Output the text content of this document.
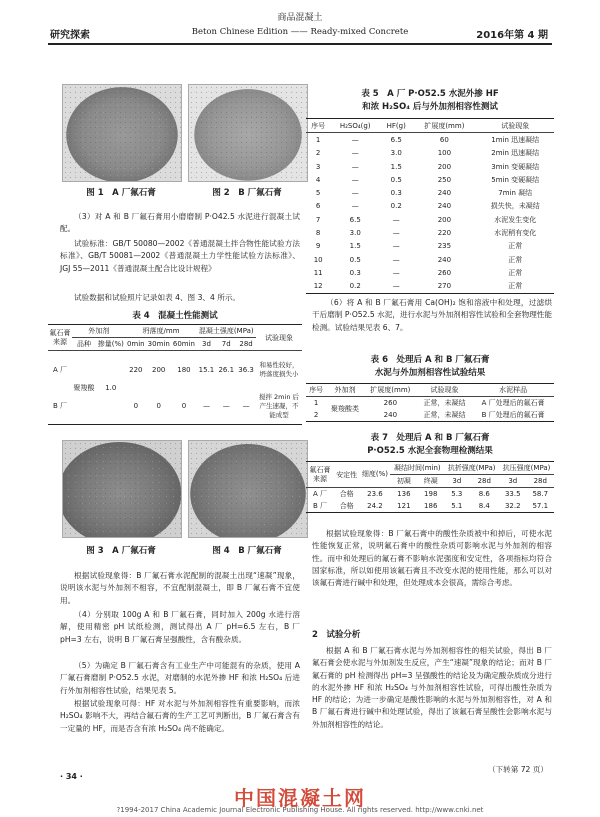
商品混凝土
研究探索	Beton Chinese Edition —— Ready-mixed Concrete	2016年第 4 期
图 1　A 厂氟石膏	图 2　B 厂氟石膏
（3）对 A 和 B 厂氟石膏用小磨磨制 P·O42.5 水泥进行混凝土试配。
试验标准：GB/T 50080—2002《普通混凝土拌合物性能试验方法标准》、GB/T 50081—2002《普通混凝土力学性能试验方法标准》、JGJ 55—2011《普通混凝土配合比设计规程》
试验数据和试验照片记录如表 4、图 3、4 所示。
表 4　混凝土性能测试
氟石膏来源	外加剂		坍落度/mm			混凝土强度(MPa)			试验现象
	品种	掺量(%)	0min	30min	60min	3d	7d	28d	
A 厂	聚羧酸	1.0	220	200	180	15.1	26.1	36.3	和易性较好，坍落度损失小
B 厂			0	0	0	—	—	—	搅拌 2min 后产生速凝，不能成型
图 3　A 厂氟石膏	图 4　B 厂氟石膏
根据试验现象得：B 厂氟石膏水泥配制的混凝土出现“速凝”现象，说明该水泥与外加剂不相容，不宜配制混凝土，即 B 厂氟石膏不宜使用。
（4）分别取 100g A 和 B 厂氟石膏，同时加入 200g 水进行溶解，使用精密 pH 试纸检测，测试得出 A 厂 pH=6.5 左右，B 厂 pH=3 左右，说明 B 厂氟石膏呈强酸性，含有酸杂质。
（5）为确定 B 厂氟石膏含有工业生产中可能混有的杂质，使用 A 厂氟石膏磨制 P·O52.5 水泥，对磨制的水泥外掺 HF 和浓 H₂SO₄ 后进行外加剂相容性试验，结果见表 5。
根据试验现象可得：HF 对水泥与外加剂相容性有重要影响，而浓 H₂SO₄ 影响不大，再结合氟石膏的生产工艺可判断出，B 厂氟石膏含有一定量的 HF，而是否含有浓 H₂SO₄ 尚不能确定。
表 5　A 厂 P·O52.5 水泥外掺 HF
和浓 H₂SO₄ 后与外加剂相容性测试
序号	H₂SO₄(g)	HF(g)	扩展度(mm)	试验现象
1	—	6.5	60	1min 迅速凝结
2	—	3.0	100	2min 迅速凝结
3	—	1.5	200	3min 变硬凝结
4	—	0.5	250	5min 变硬凝结
5	—	0.3	240	7min 凝结
6	—	0.2	240	损失快，未凝结
7	6.5	—	200	水泥发生变化
8	3.0	—	220	水泥稍有变化
9	1.5	—	235	正常
10	0.5	—	240	正常
11	0.3	—	260	正常
12	0.2	—	270	正常
（6）将 A 和 B 厂氟石膏用 Ca(OH)₂ 饱和溶液中和处理，过滤烘干后磨制 P·O52.5 水泥，进行水泥与外加剂相容性试验和全套物理性能检测。试验结果见表 6、7。
表 6　处理后 A 和 B 厂氟石膏
水泥与外加剂相容性试验结果
序号	外加剂	扩展度(mm)	试验现象	水泥样品
1	聚羧酸类	260	正常，未凝结	A 厂处理后的氟石膏
2		240	正常，未凝结	B 厂处理后的氟石膏
表 7　处理后 A 和 B 厂氟石膏
P·O52.5 水泥全套物理检测结果
氟石膏来源	安定性	细度(%)	凝结时间(min)		抗折强度(MPa)		抗压强度(MPa)	
			初凝	终凝	3d	28d	3d	28d
A 厂	合格	23.6	136	198	5.3	8.6	33.5	58.7
B 厂	合格	24.2	121	186	5.1	8.4	32.2	57.1
根据试验现象得：B 厂氟石膏中的酸性杂质被中和掉后，可使水泥性能恢复正常，说明氟石膏中的酸性杂质可影响水泥与外加剂的相容性。而中和处理后的氟石膏不影响水泥强度和安定性，各项指标均符合国家标准，所以如使用该氟石膏且不改变水泥的使用性能，那么可以对该氟石膏进行碱中和处理，但处理成本会很高，需综合考虑。
2　试验分析
根据 A 和 B 厂氟石膏水泥与外加剂相容性的相关试验，得出 B 厂氟石膏会使水泥与外加剂发生反应，产生“速凝”现象的结论；而对 B 厂氟石膏的 pH 检测得出 pH=3 呈强酸性的结论及为确定酸杂质成分进行的水泥外掺 HF 和浓 H₂SO₄ 与外加剂相容性试验，可得出酸性杂质为 HF 的结论；为进一步确定是酸性影响的水泥与外加剂相容性，对 A 和 B 厂氟石膏进行碱中和处理试验，得出了该氟石膏呈酸性会影响水泥与外加剂相容性的结论。
（下转第 72 页）
· 34 ·
中国混凝土网
?1994-2017 China Academic Journal Electronic Publishing House. All rights reserved. http://www.cnki.net
